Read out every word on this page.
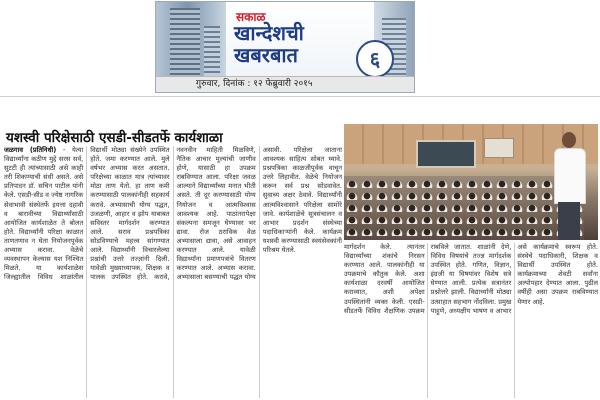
सकाळ
खान्देशची खबरबात	६
गुरुवार, दिनांक : १२ फेब्रुवारी २०१५
यशस्वी परिक्षेसाठी एसडी-सीडतर्फे कार्यशाळा
जळगाव (प्रतिनिधी) - येत्या विद्यार्थ्यांना कठीण मुद्दे सरस सर्व, सुटटी ही त्यांच्यासाठी असे काही तरी शिकण्याची संधी असते. असे प्रतिपादन डॉ. सचिन पाटील यांनी केले. एसडी-सीड व ज्येष्ठ नागरिक सेवाभावी संस्थेतर्फे इयत्ता दहावी व बारावीच्या विद्यार्थ्यांसाठी आयोजित कार्यशाळेत ते बोलत होते. विद्यार्थ्यांनी परिक्षा काळात ताणतणाव न घेता नियोजनपूर्वक अभ्यास करावा. वेळेचे व्यवस्थापन केल्यास यश निश्चित मिळते. या कार्यशाळेस जिल्ह्यातील विविध शाळांतील विद्यार्थी मोठ्या संख्येने उपस्थित होते. जमा करण्यात आले. मुले वर्षभर अभ्यास करत असतात. परिक्षेच्या काळात मात्र त्यांच्यावर मोठा ताण येतो. हा ताण कमी करण्यासाठी पालकांनीही सहकार्य करावे. अभ्यासाची योग्य पद्धत, उजळणी, आहार व झोप याबाबत सविस्तर मार्गदर्शन करण्यात आले. सराव प्रश्नपत्रिका सोडविण्याचे महत्त्व सांगण्यात आले. विद्यार्थ्यांनी विचारलेल्या प्रश्नांची उत्तरे तज्ज्ञांनी दिली. यावेळी मुख्याध्यापक, शिक्षक व पालक उपस्थित होते. करावे, नवनवीन माहिती मिळविणे, नैतिक आचार मुल्यांची जाणीव होणे, यासाठी हा उपक्रम राबविण्यात आला. परिक्षा जवळ आल्याने विद्यार्थ्यांच्या मनात भीती असते. ती दूर करण्यासाठी योग्य नियोजन व आत्मविश्वास आवश्यक आहे. पाठांतरापेक्षा संकल्पना समजून घेण्यावर भर द्यावा. रोज ठराविक वेळ अभ्यासाला द्यावा, असे आवाहन करण्यात आले. यावेळी विद्यार्थ्यांना प्रमाणपत्रांचे वितरण करण्यात आले. अभ्यास करावा. अभ्यासाला बसण्याची पद्धत योग्य असावी. परिक्षेला जाताना आवश्यक साहित्य सोबत घ्यावे. प्रश्नपत्रिका काळजीपूर्वक वाचून उत्तरे लिहावीत. वेळेचे नियोजन करून सर्व प्रश्न सोडवावेत. सुवाच्य अक्षर ठेवावे. विद्यार्थ्यांनी आत्मविश्वासाने परिक्षेला सामोरे जावे. कार्यशाळेचे सूत्रसंचालन व आभार प्रदर्शन संस्थेच्या पदाधिकाऱ्यांनी केले. कार्यक्रम यशस्वी करण्यासाठी स्वयंसेवकांनी परिश्रम घेतले.	मार्गदर्शन केले. त्यानंतर विद्यार्थ्यांच्या शंकांचे निरसन करण्यात आले. पालकांनीही या उपक्रमाचे कौतुक केले. अशा कार्यशाळा दरवर्षी आयोजित कराव्यात, अशी अपेक्षा उपस्थितांनी व्यक्त केली. एसडी-सीडतर्फे विविध शैक्षणिक उपक्रम राबविले जातात. शाळांनी देणे, विविध विषयांचे तज्ज्ञ मार्गदर्शक उपस्थित होते. गणित, विज्ञान, इंग्रजी या विषयांवर विशेष सत्रे घेण्यात आली. प्रत्येक सत्रानंतर प्रश्नोत्तरे झाली. विद्यार्थ्यांनी मोठ्या उत्साहात सहभाग नोंदविला. प्रमुख पाहुणे, अध्यक्षीय भाषण व आभार असे कार्यक्रमाचे स्वरूप होते. संस्थेचे पदाधिकारी, शिक्षक व विद्यार्थी उपस्थित होते. कार्यक्रमाच्या शेवटी सर्वांना अल्पोपहार देण्यात आला. पुढील वर्षीही असा उपक्रम राबविण्यात येणार आहे.
